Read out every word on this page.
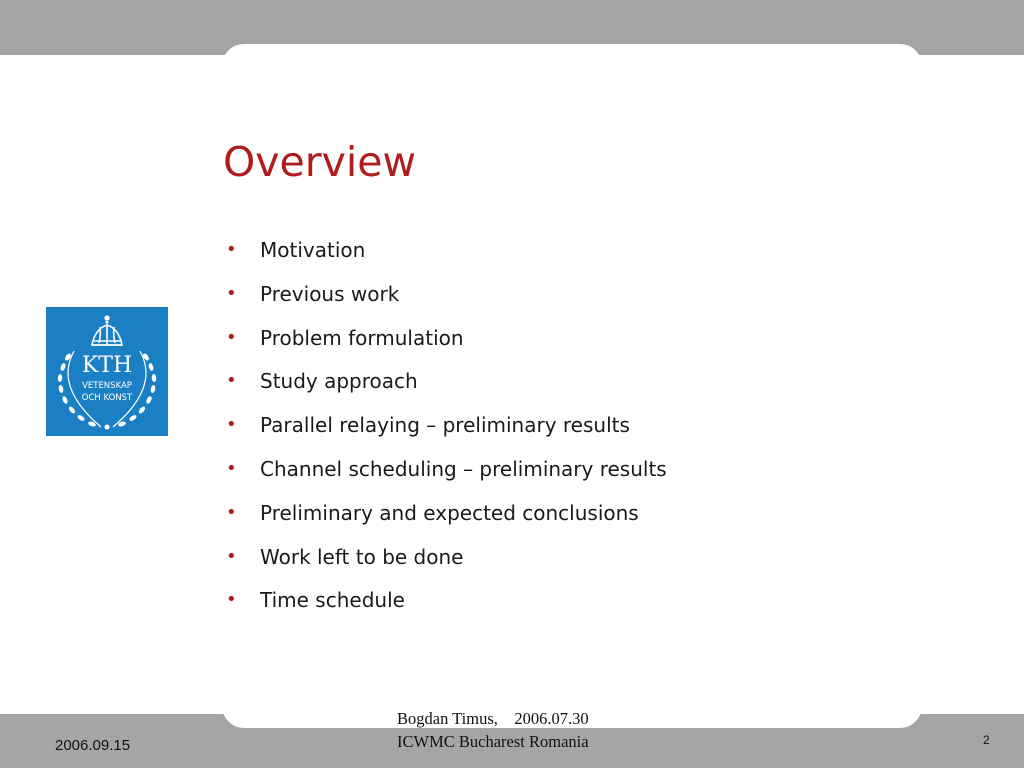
KTH
VETENSKAP
OCH KONST
Overview
• Motivation
• Previous work
• Problem formulation
• Study approach
• Parallel relaying – preliminary results
• Channel scheduling – preliminary results
• Preliminary and expected conclusions
• Work left to be done
• Time schedule
2006.09.15
Bogdan Timus,    2006.07.30
ICWMC Bucharest Romania	2
